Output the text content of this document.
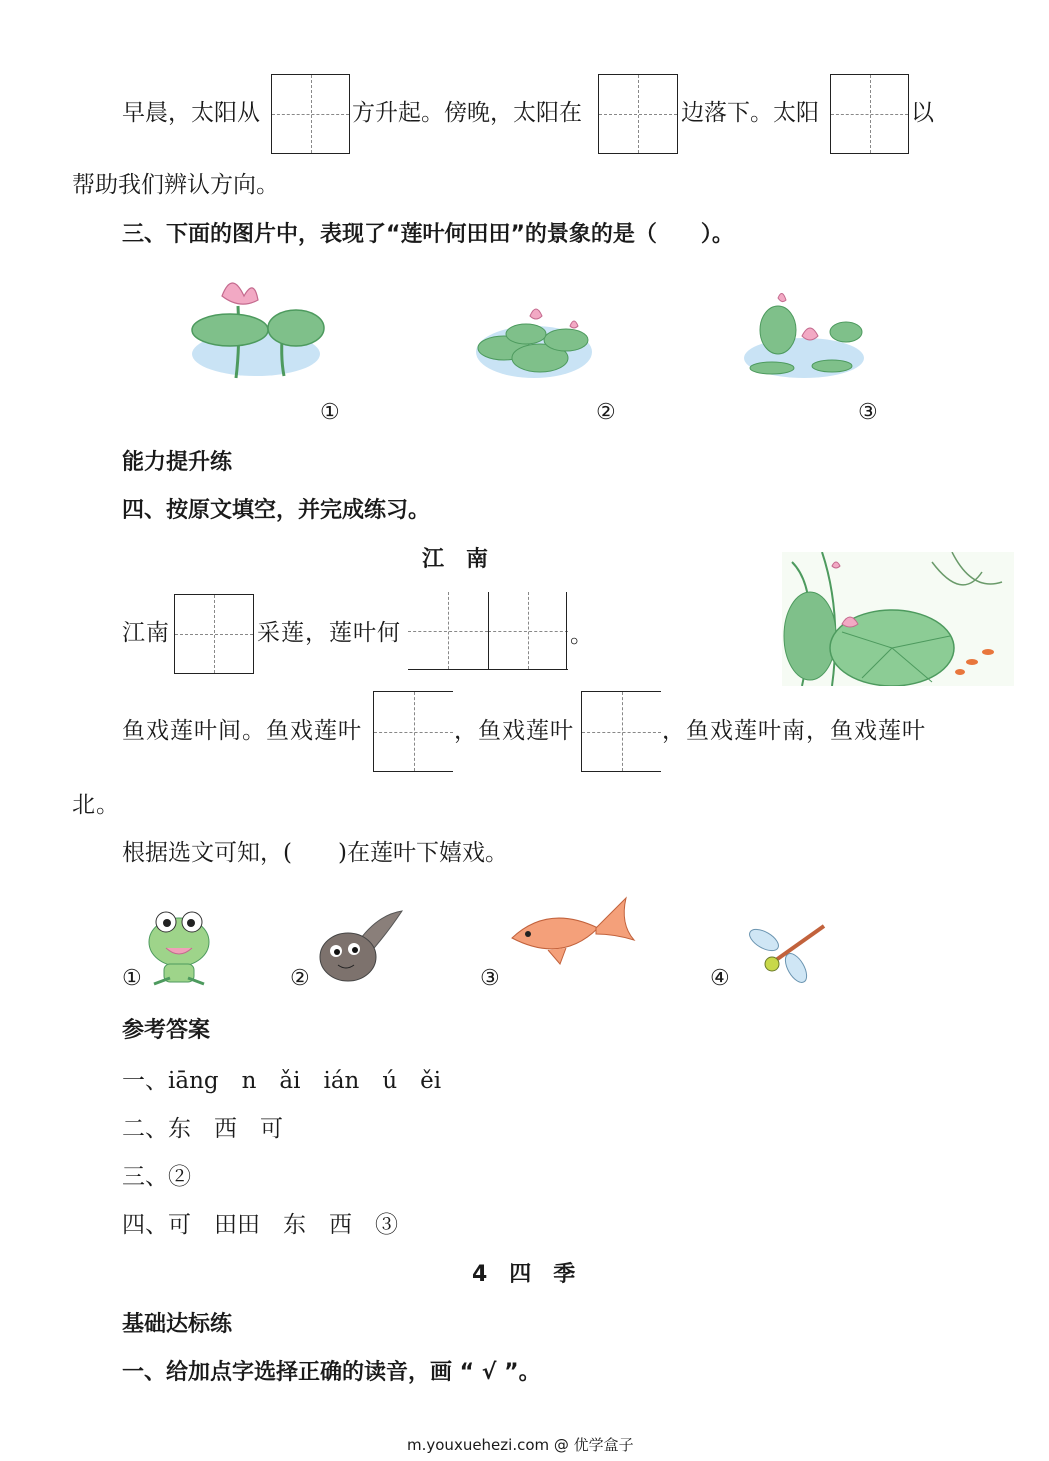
早晨，太阳从	方升起。傍晚，太阳在	边落下。太阳	以
帮助我们辨认方向。
三、下面的图片中，表现了“莲叶何田田”的景象的是（　　）。
①	②	③
能力提升练
四、按原文填空，并完成练习。
江　南
江南	采莲，莲叶何	。
鱼戏莲叶间。鱼戏莲叶	，鱼戏莲叶	，鱼戏莲叶南，鱼戏莲叶
北。
根据选文可知，(　　)在莲叶下嬉戏。
①	②	③	④
参考答案
一、iāng　n　ǎi　ián　ú　ěi
二、东　西　可
三、②
四、可　田田　东　西　③
4　四　季
基础达标练
一、给加点字选择正确的读音，画 “ √ ”。
m.youxuehezi.com @ 优学盒子
